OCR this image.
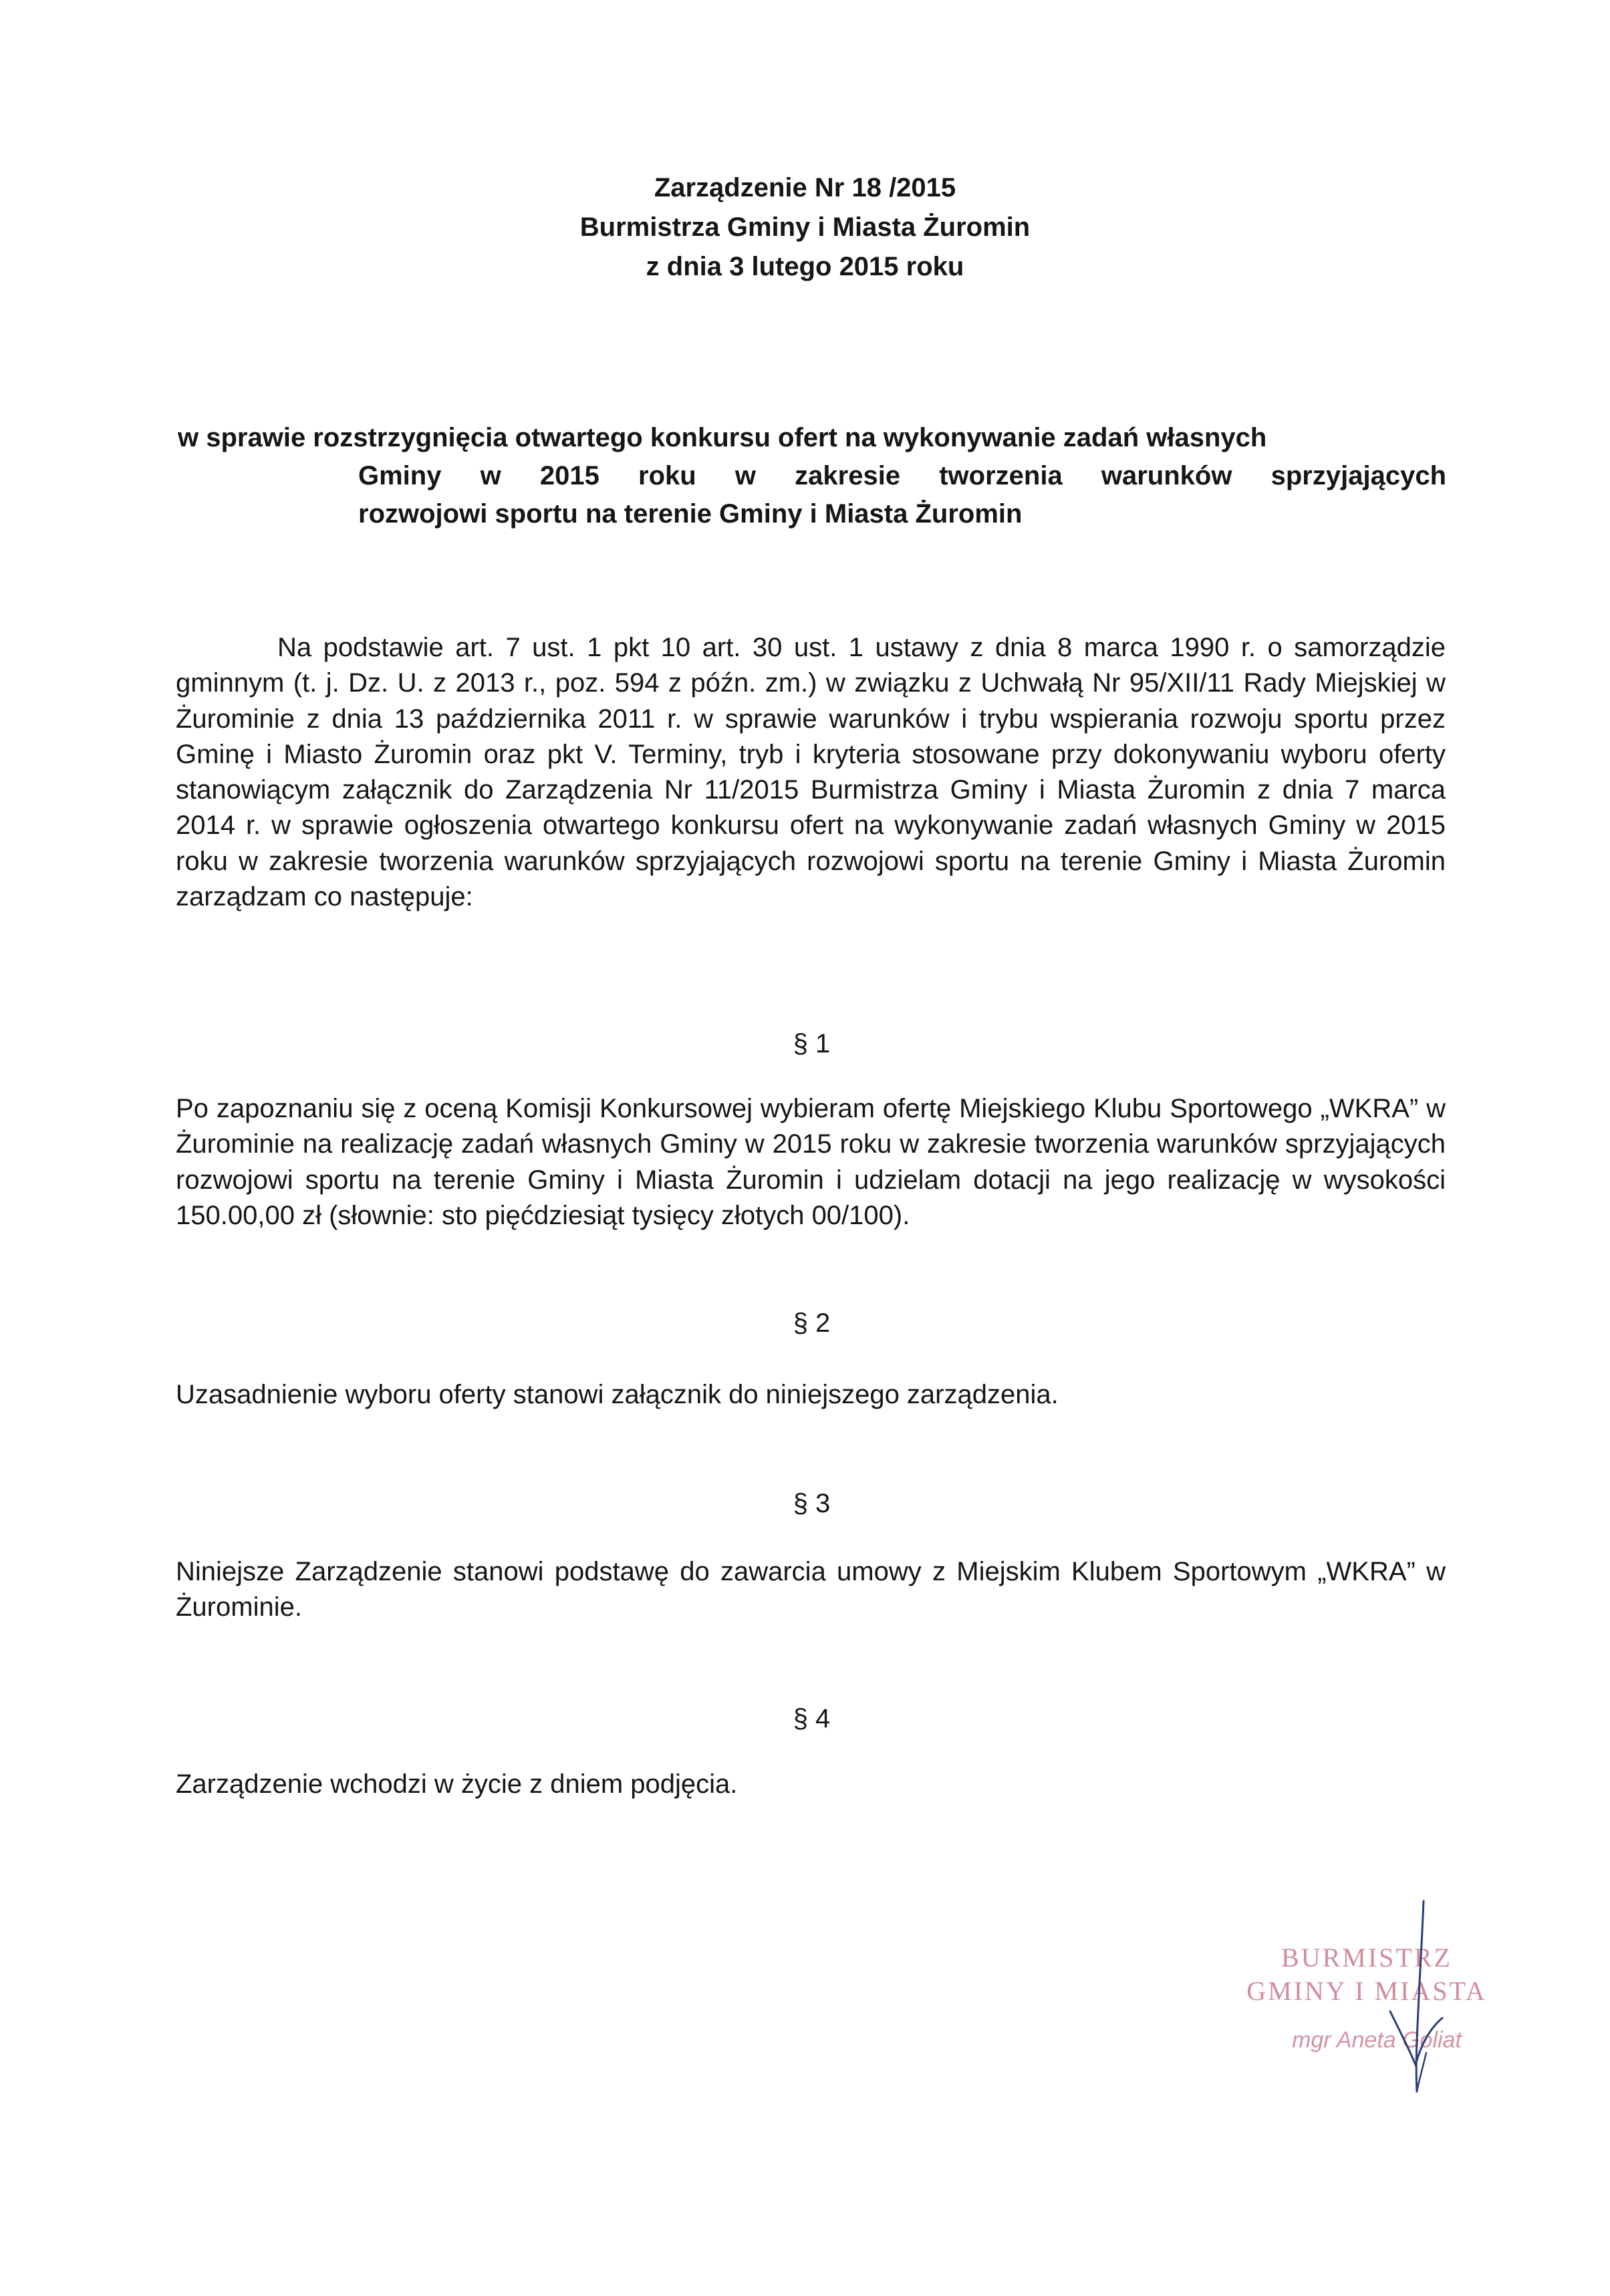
Zarządzenie Nr 18 /2015
Burmistrza Gminy i Miasta Żuromin
z dnia 3 lutego 2015 roku
w sprawie rozstrzygnięcia otwartego konkursu ofert na wykonywanie zadań własnych
Gminy w 2015 roku w zakresie tworzenia warunków sprzyjających
rozwojowi sportu na terenie Gminy i Miasta Żuromin
Na podstawie art. 7 ust. 1 pkt 10 art. 30 ust. 1 ustawy z dnia 8 marca 1990 r. o samorządzie gminnym (t. j. Dz. U. z 2013 r., poz. 594 z późn. zm.) w związku z Uchwałą Nr 95/XII/11 Rady Miejskiej w Żurominie z dnia 13 października 2011 r. w sprawie warunków i trybu wspierania rozwoju sportu przez Gminę i Miasto Żuromin oraz pkt V. Terminy, tryb i kryteria stosowane przy dokonywaniu wyboru oferty stanowiącym załącznik do Zarządzenia Nr 11/2015 Burmistrza Gminy i Miasta Żuromin z dnia 7 marca 2014 r. w sprawie ogłoszenia otwartego konkursu ofert na wykonywanie zadań własnych Gminy w 2015 roku w zakresie tworzenia warunków sprzyjających rozwojowi sportu na terenie Gminy i Miasta Żuromin zarządzam co następuje:
§ 1
Po zapoznaniu się z oceną Komisji Konkursowej wybieram ofertę Miejskiego Klubu Sportowego „WKRA” w Żurominie na realizację zadań własnych Gminy w 2015 roku w zakresie tworzenia warunków sprzyjających rozwojowi sportu na terenie Gminy i Miasta Żuromin i udzielam dotacji na jego realizację w wysokości 150.00,00 zł (słownie: sto pięćdziesiąt tysięcy złotych 00/100).
§ 2
Uzasadnienie wyboru oferty stanowi załącznik do niniejszego zarządzenia.
§ 3
Niniejsze Zarządzenie stanowi podstawę do zawarcia umowy z Miejskim Klubem Sportowym „WKRA” w Żurominie.
§ 4
Zarządzenie wchodzi w życie z dniem podjęcia.
BURMISTRZ
GMINY I MIASTA
mgr Aneta Goliat
